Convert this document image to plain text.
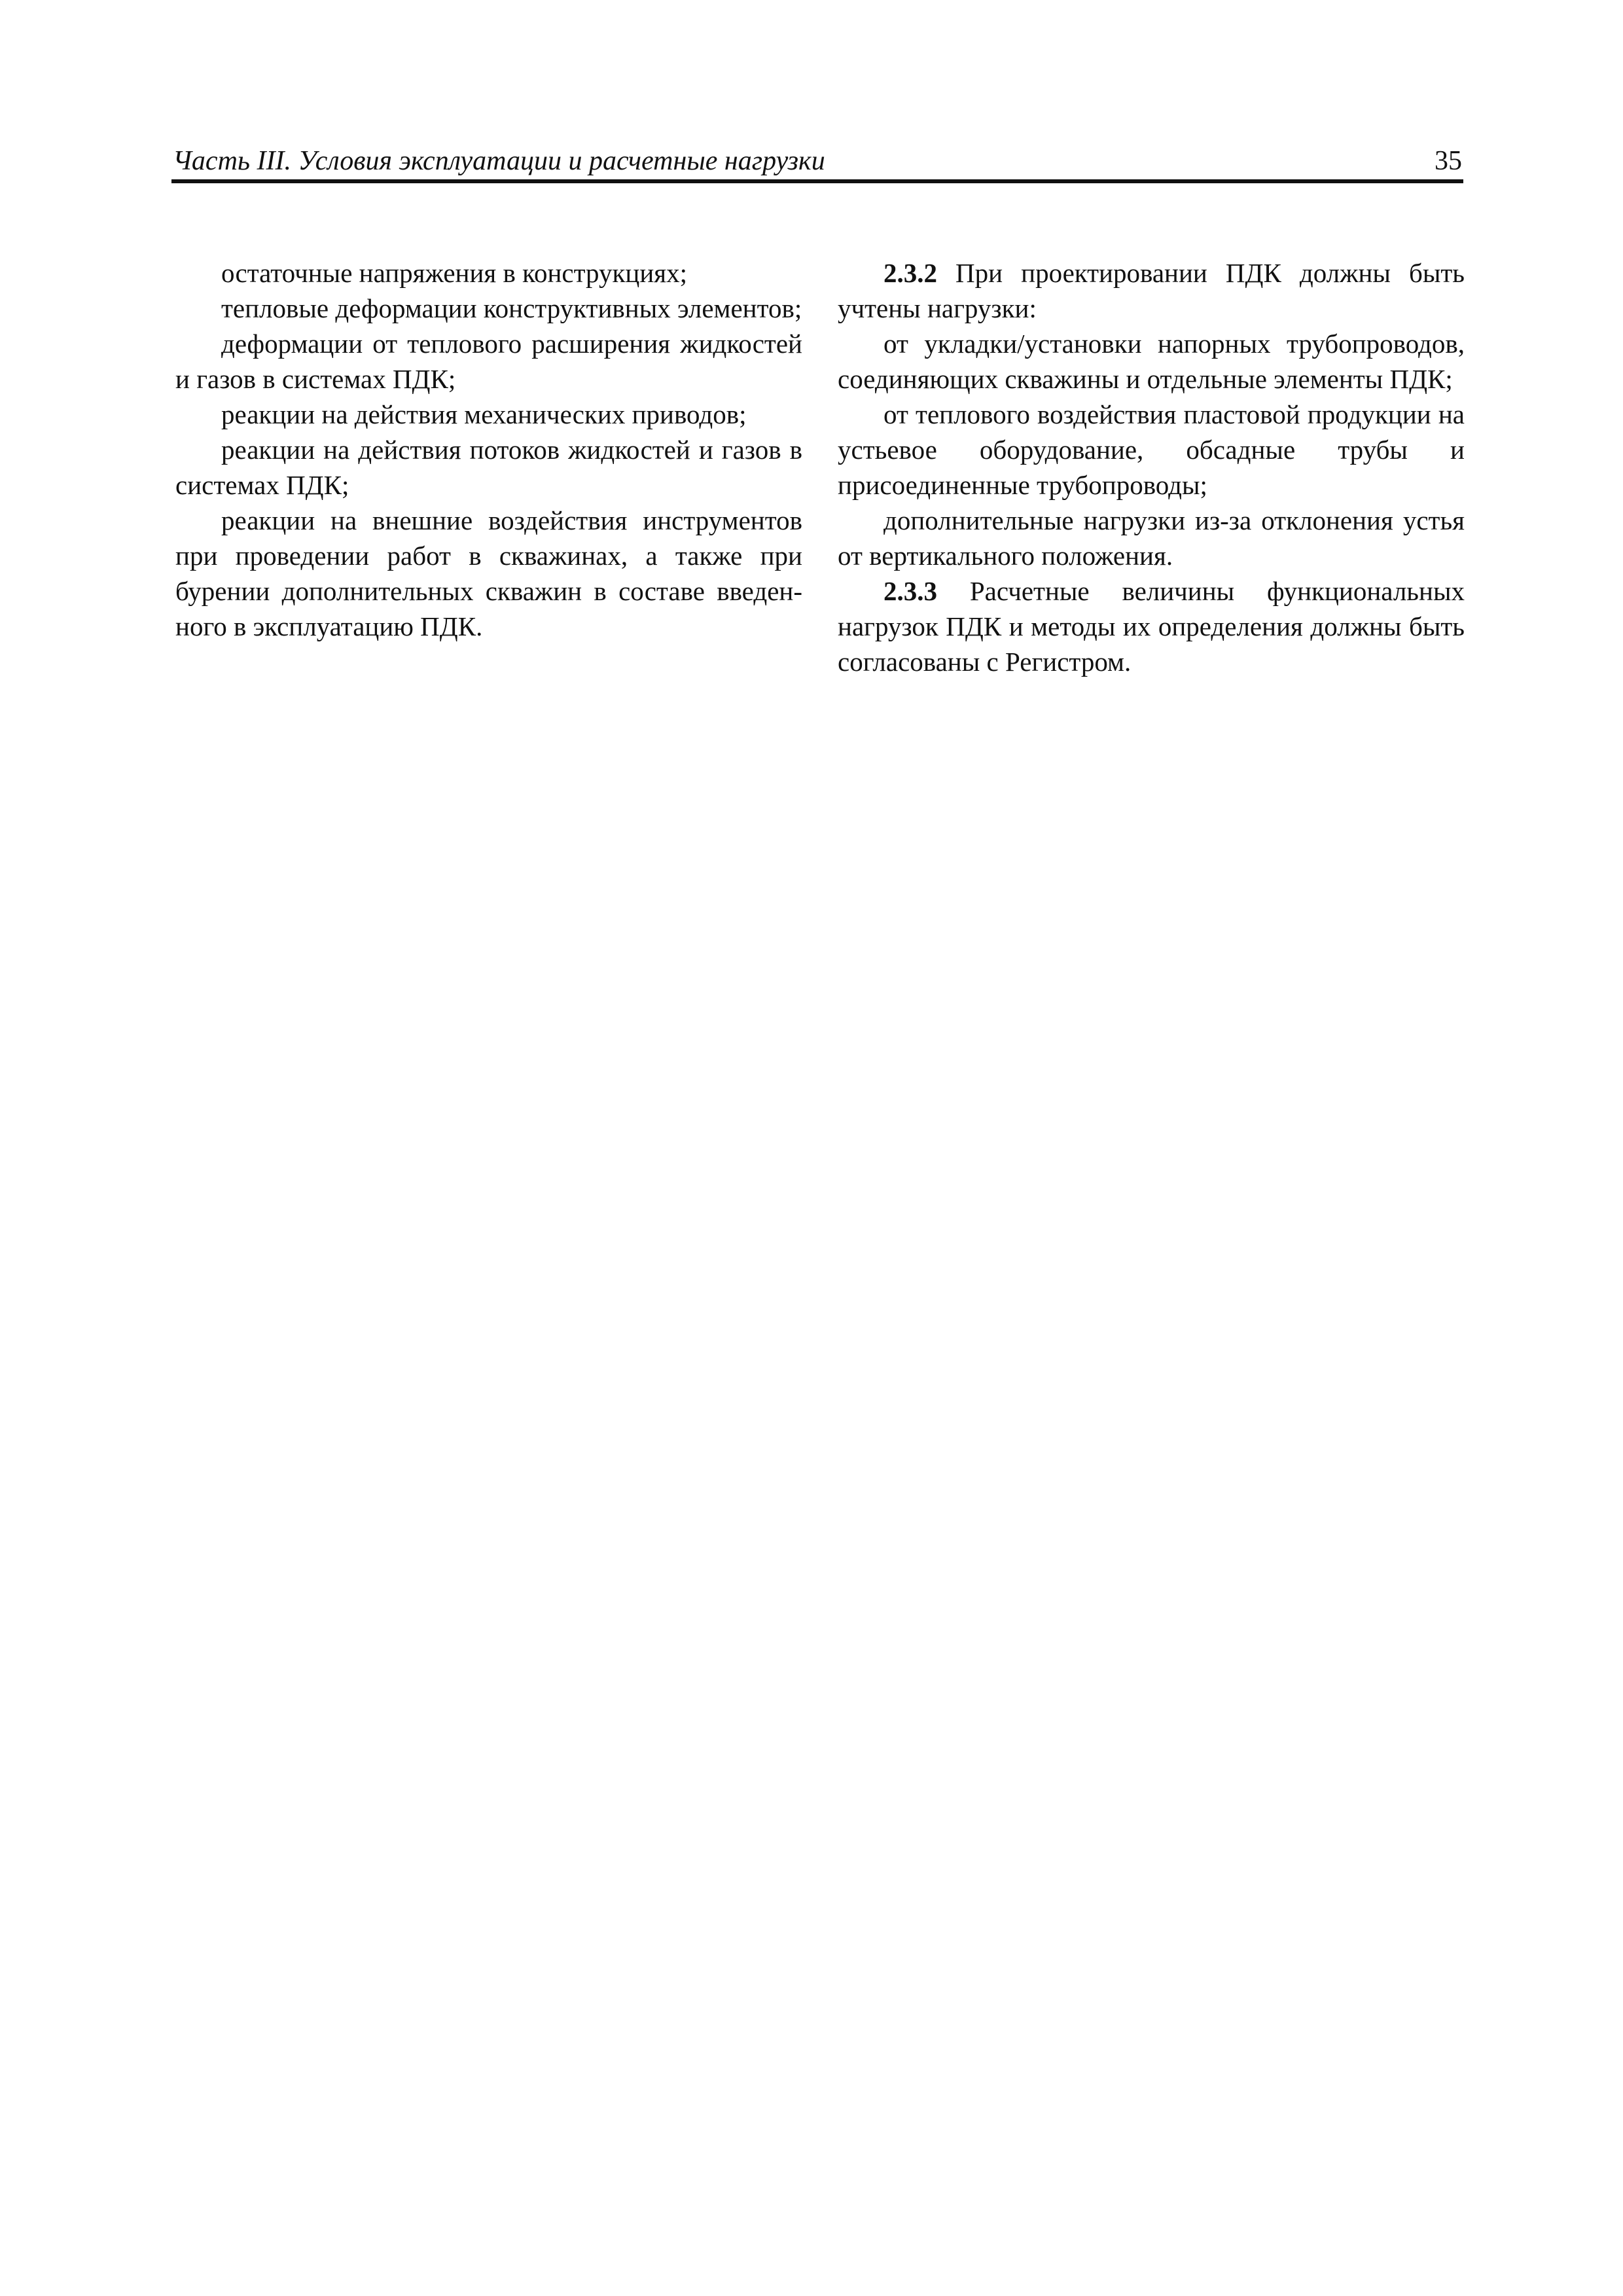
Часть III. Условия эксплуатации и расчетные нагрузки	35

остаточные напряжения в конструкциях;

тепловые деформации конструктивных элементов;

деформации от теплового расширения жидкостей и газов в системах ПДК;

реакции на действия механических приводов;

реакции на действия потоков жидкостей и газов в системах ПДК;

реакции на внешние воздействия инструментов при проведении работ в скважинах, а также при бурении дополнительных скважин в составе введенного в эксплуатацию ПДК.

2.3.2 При проектировании ПДК должны быть учтены нагрузки:

от укладки/установки напорных трубопроводов, соединяющих скважины и отдельные элементы ПДК;

от теплового воздействия пластовой продукции на устьевое оборудование, обсадные трубы и присоединенные трубопроводы;

дополнительные нагрузки из-за отклонения устья от вертикального положения.

2.3.3 Расчетные величины функциональных нагрузок ПДК и методы их определения должны быть согласованы с Регистром.
